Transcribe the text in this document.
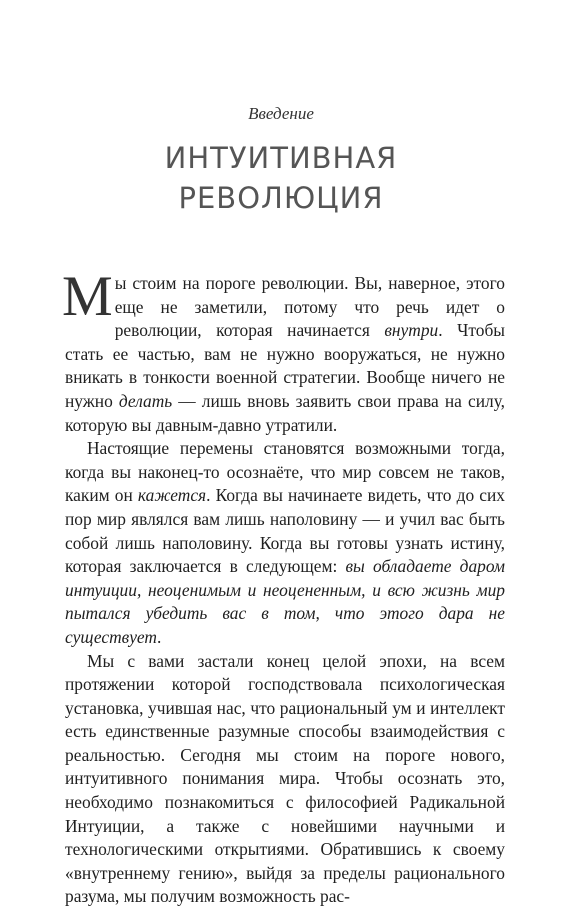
Введение
ИНТУИТИВНАЯ
РЕВОЛЮЦИЯ

Мы стоим на пороге революции. Вы, наверное, этого еще не заметили, потому что речь идет о революции, которая начинается внутри. Чтобы стать ее частью, вам не нужно вооружаться, не нужно вникать в тонкости военной стратегии. Вообще ничего не нужно делать — лишь вновь заявить свои права на силу, которую вы давным-давно утратили.

Настоящие перемены становятся возможными тогда, когда вы наконец-то осознаёте, что мир совсем не таков, каким он кажется. Когда вы начинаете видеть, что до сих пор мир являлся вам лишь наполовину — и учил вас быть собой лишь наполовину. Когда вы готовы узнать истину, которая заключается в следующем: вы обладаете даром интуиции, неоценимым и неоцененным, и всю жизнь мир пытался убедить вас в том, что этого дара не существует.

Мы с вами застали конец целой эпохи, на всем протяжении которой господствовала психологическая установка, учившая нас, что рациональный ум и интеллект есть единственные разумные способы взаимодействия с реальностью. Сегодня мы стоим на пороге нового, интуитивного понимания мира. Чтобы осознать это, необходимо познакомиться с философией Радикальной Интуиции, а также с новейшими научными и технологическими открытиями. Обратившись к своему «внутреннему гению», выйдя за пределы рационального разума, мы получим возможность рас-
